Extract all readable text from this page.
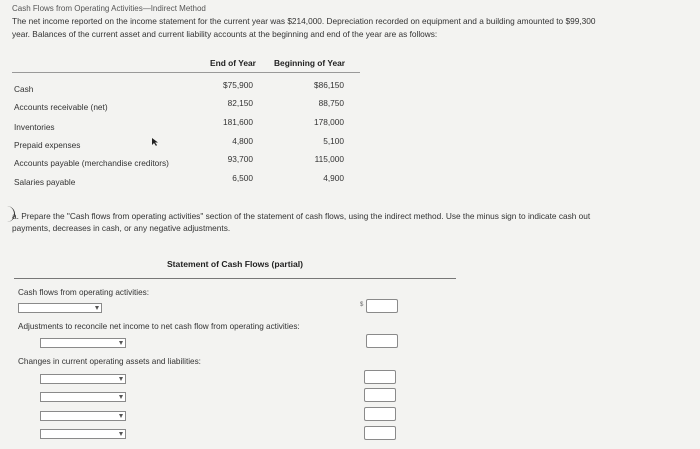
Cash Flows from Operating Activities—Indirect Method
The net income reported on the income statement for the current year was $214,000. Depreciation recorded on equipment and a building amounted to $99,300
year. Balances of the current asset and current liability accounts at the beginning and end of the year are as follows:
End of Year Beginning of Year
Cash	$75,900	$86,150
Accounts receivable (net)	82,150	88,750
Inventories	181,600	178,000
Prepaid expenses	4,800	5,100
Accounts payable (merchandise creditors)	93,700	115,000
Salaries payable	6,500	4,900
a. Prepare the "Cash flows from operating activities" section of the statement of cash flows, using the indirect method. Use the minus sign to indicate cash out
payments, decreases in cash, or any negative adjustments.
Statement of Cash Flows (partial)
Cash flows from operating activities:
$
Adjustments to reconcile net income to net cash flow from operating activities:
Changes in current operating assets and liabilities:
